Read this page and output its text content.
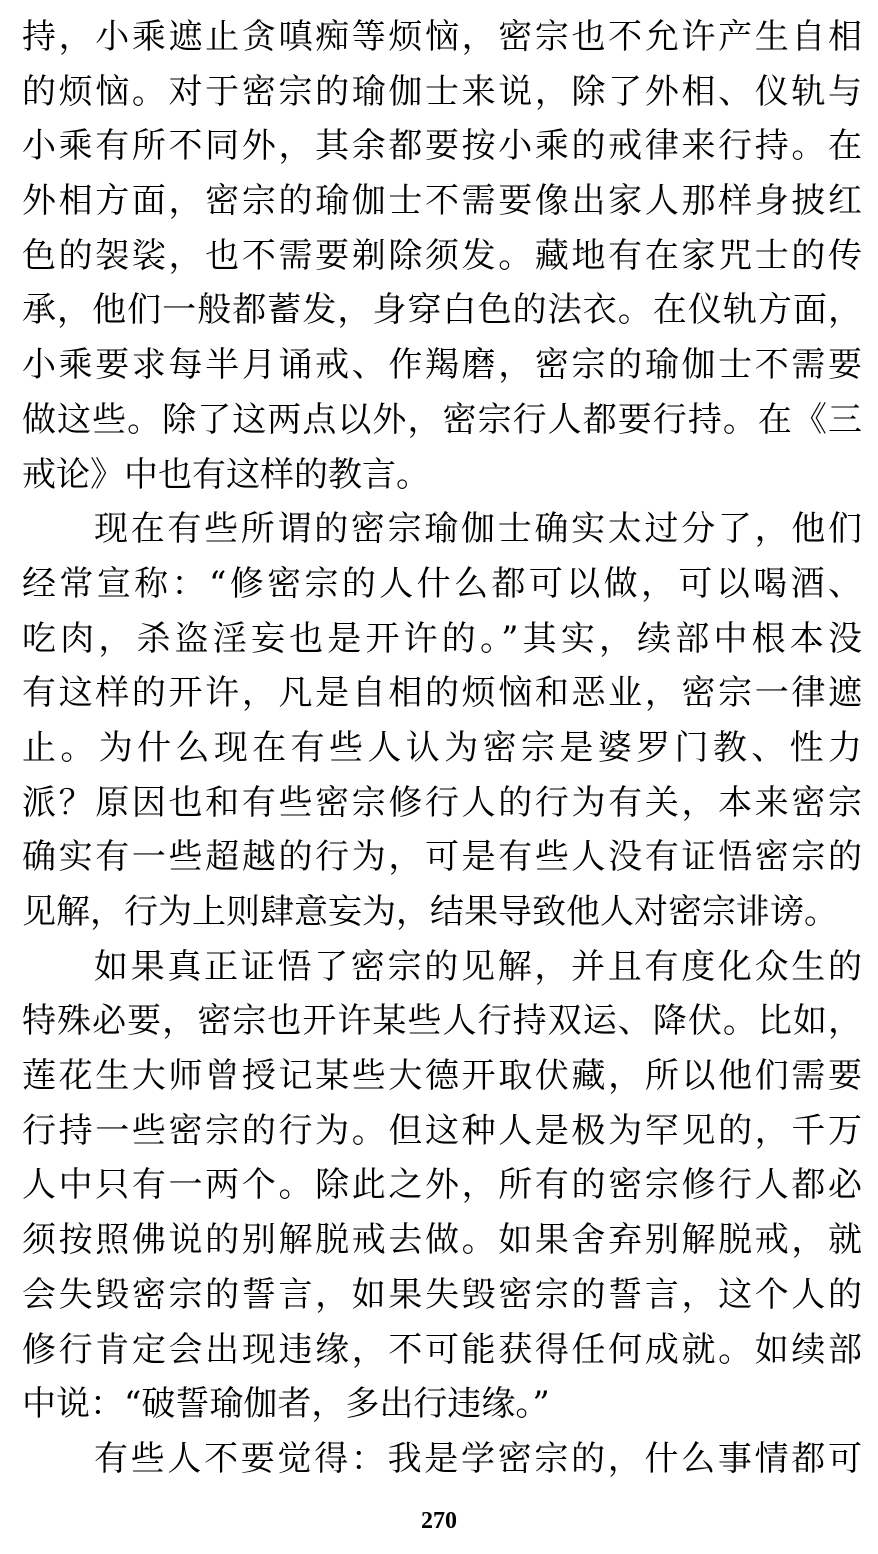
持，小乘遮止贪嗔痴等烦恼，密宗也不允许产生自相
的烦恼。对于密宗的瑜伽士来说，除了外相、仪轨与
小乘有所不同外，其余都要按小乘的戒律来行持。在
外相方面，密宗的瑜伽士不需要像出家人那样身披红
色的袈裟，也不需要剃除须发。藏地有在家咒士的传
承，他们一般都蓄发，身穿白色的法衣。在仪轨方面，
小乘要求每半月诵戒、作羯磨，密宗的瑜伽士不需要
做这些。除了这两点以外，密宗行人都要行持。在《三
戒论》中也有这样的教言。
现在有些所谓的密宗瑜伽士确实太过分了，他们
经常宣称：“修密宗的人什么都可以做，可以喝酒、
吃肉，杀盗淫妄也是开许的。”其实，续部中根本没
有这样的开许，凡是自相的烦恼和恶业，密宗一律遮
止。为什么现在有些人认为密宗是婆罗门教、性力
派？原因也和有些密宗修行人的行为有关，本来密宗
确实有一些超越的行为，可是有些人没有证悟密宗的
见解，行为上则肆意妄为，结果导致他人对密宗诽谤。
如果真正证悟了密宗的见解，并且有度化众生的
特殊必要，密宗也开许某些人行持双运、降伏。比如，
莲花生大师曾授记某些大德开取伏藏，所以他们需要
行持一些密宗的行为。但这种人是极为罕见的，千万
人中只有一两个。除此之外，所有的密宗修行人都必
须按照佛说的别解脱戒去做。如果舍弃别解脱戒，就
会失毁密宗的誓言，如果失毁密宗的誓言，这个人的
修行肯定会出现违缘，不可能获得任何成就。如续部
中说：“破誓瑜伽者，多出行违缘。”
有些人不要觉得：我是学密宗的，什么事情都可
270
